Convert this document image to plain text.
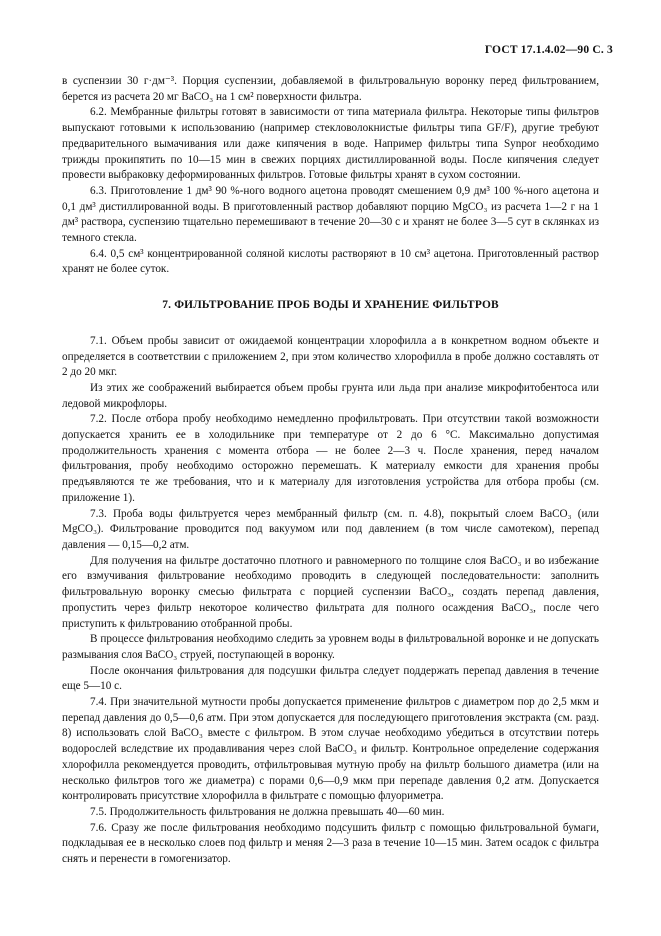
ГОСТ 17.1.4.02—90 С. 3

в суспензии 30 г·дм⁻³. Порция суспензии, добавляемой в фильтровальную воронку перед фильтрованием, берется из расчета 20 мг BaCO₃ на 1 см² поверхности фильтра.

6.2. Мембранные фильтры готовят в зависимости от типа материала фильтра. Некоторые типы фильтров выпускают готовыми к использованию (например стекловолокнистые фильтры типа GF/F), другие требуют предварительного вымачивания или даже кипячения в воде. Например фильтры типа Synpor необходимо трижды прокипятить по 10—15 мин в свежих порциях дистиллированной воды. После кипячения следует провести выбраковку деформированных фильтров. Готовые фильтры хранят в сухом состоянии.

6.3. Приготовление 1 дм³ 90 %-ного водного ацетона проводят смешением 0,9 дм³ 100 %-ного ацетона и 0,1 дм³ дистиллированной воды. В приготовленный раствор добавляют порцию MgCO₃ из расчета 1—2 г на 1 дм³ раствора, суспензию тщательно перемешивают в течение 20—30 с и хранят не более 3—5 сут в склянках из темного стекла.

6.4. 0,5 см³ концентрированной соляной кислоты растворяют в 10 см³ ацетона. Приготовленный раствор хранят не более суток.

7. ФИЛЬТРОВАНИЕ ПРОБ ВОДЫ И ХРАНЕНИЕ ФИЛЬТРОВ

7.1. Объем пробы зависит от ожидаемой концентрации хлорофилла a в конкретном водном объекте и определяется в соответствии с приложением 2, при этом количество хлорофилла в пробе должно составлять от 2 до 20 мкг.

Из этих же соображений выбирается объем пробы грунта или льда при анализе микрофитобентоса или ледовой микрофлоры.

7.2. После отбора пробу необходимо немедленно профильтровать. При отсутствии такой возможности допускается хранить ее в холодильнике при температуре от 2 до 6 °С. Максимально допустимая продолжительность хранения с момента отбора — не более 2—3 ч. После хранения, перед началом фильтрования, пробу необходимо осторожно перемешать. К материалу емкости для хранения пробы предъявляются те же требования, что и к материалу для изготовления устройства для отбора пробы (см. приложение 1).

7.3. Проба воды фильтруется через мембранный фильтр (см. п. 4.8), покрытый слоем BaCO₃ (или MgCO₃). Фильтрование проводится под вакуумом или под давлением (в том числе самотеком), перепад давления — 0,15—0,2 атм.

Для получения на фильтре достаточно плотного и равномерного по толщине слоя BaCO₃ и во избежание его взмучивания фильтрование необходимо проводить в следующей последовательности: заполнить фильтровальную воронку смесью фильтрата с порцией суспензии BaCO₃, создать перепад давления, пропустить через фильтр некоторое количество фильтрата для полного осаждения BaCO₃, после чего приступить к фильтрованию отобранной пробы.

В процессе фильтрования необходимо следить за уровнем воды в фильтровальной воронке и не допускать размывания слоя BaCO₃ струей, поступающей в воронку.

После окончания фильтрования для подсушки фильтра следует поддержать перепад давления в течение еще 5—10 с.

7.4. При значительной мутности пробы допускается применение фильтров с диаметром пор до 2,5 мкм и перепад давления до 0,5—0,6 атм. При этом допускается для последующего приготовления экстракта (см. разд. 8) использовать слой BaCO₃ вместе с фильтром. В этом случае необходимо убедиться в отсутствии потерь водорослей вследствие их продавливания через слой BaCO₃ и фильтр. Контрольное определение содержания хлорофилла рекомендуется проводить, отфильтровывая мутную пробу на фильтр большого диаметра (или на несколько фильтров того же диаметра) с порами 0,6—0,9 мкм при перепаде давления 0,2 атм. Допускается контролировать присутствие хлорофилла в фильтрате с помощью флуориметра.

7.5. Продолжительность фильтрования не должна превышать 40—60 мин.

7.6. Сразу же после фильтрования необходимо подсушить фильтр с помощью фильтровальной бумаги, подкладывая ее в несколько слоев под фильтр и меняя 2—3 раза в течение 10—15 мин. Затем осадок с фильтра снять и перенести в гомогенизатор.
